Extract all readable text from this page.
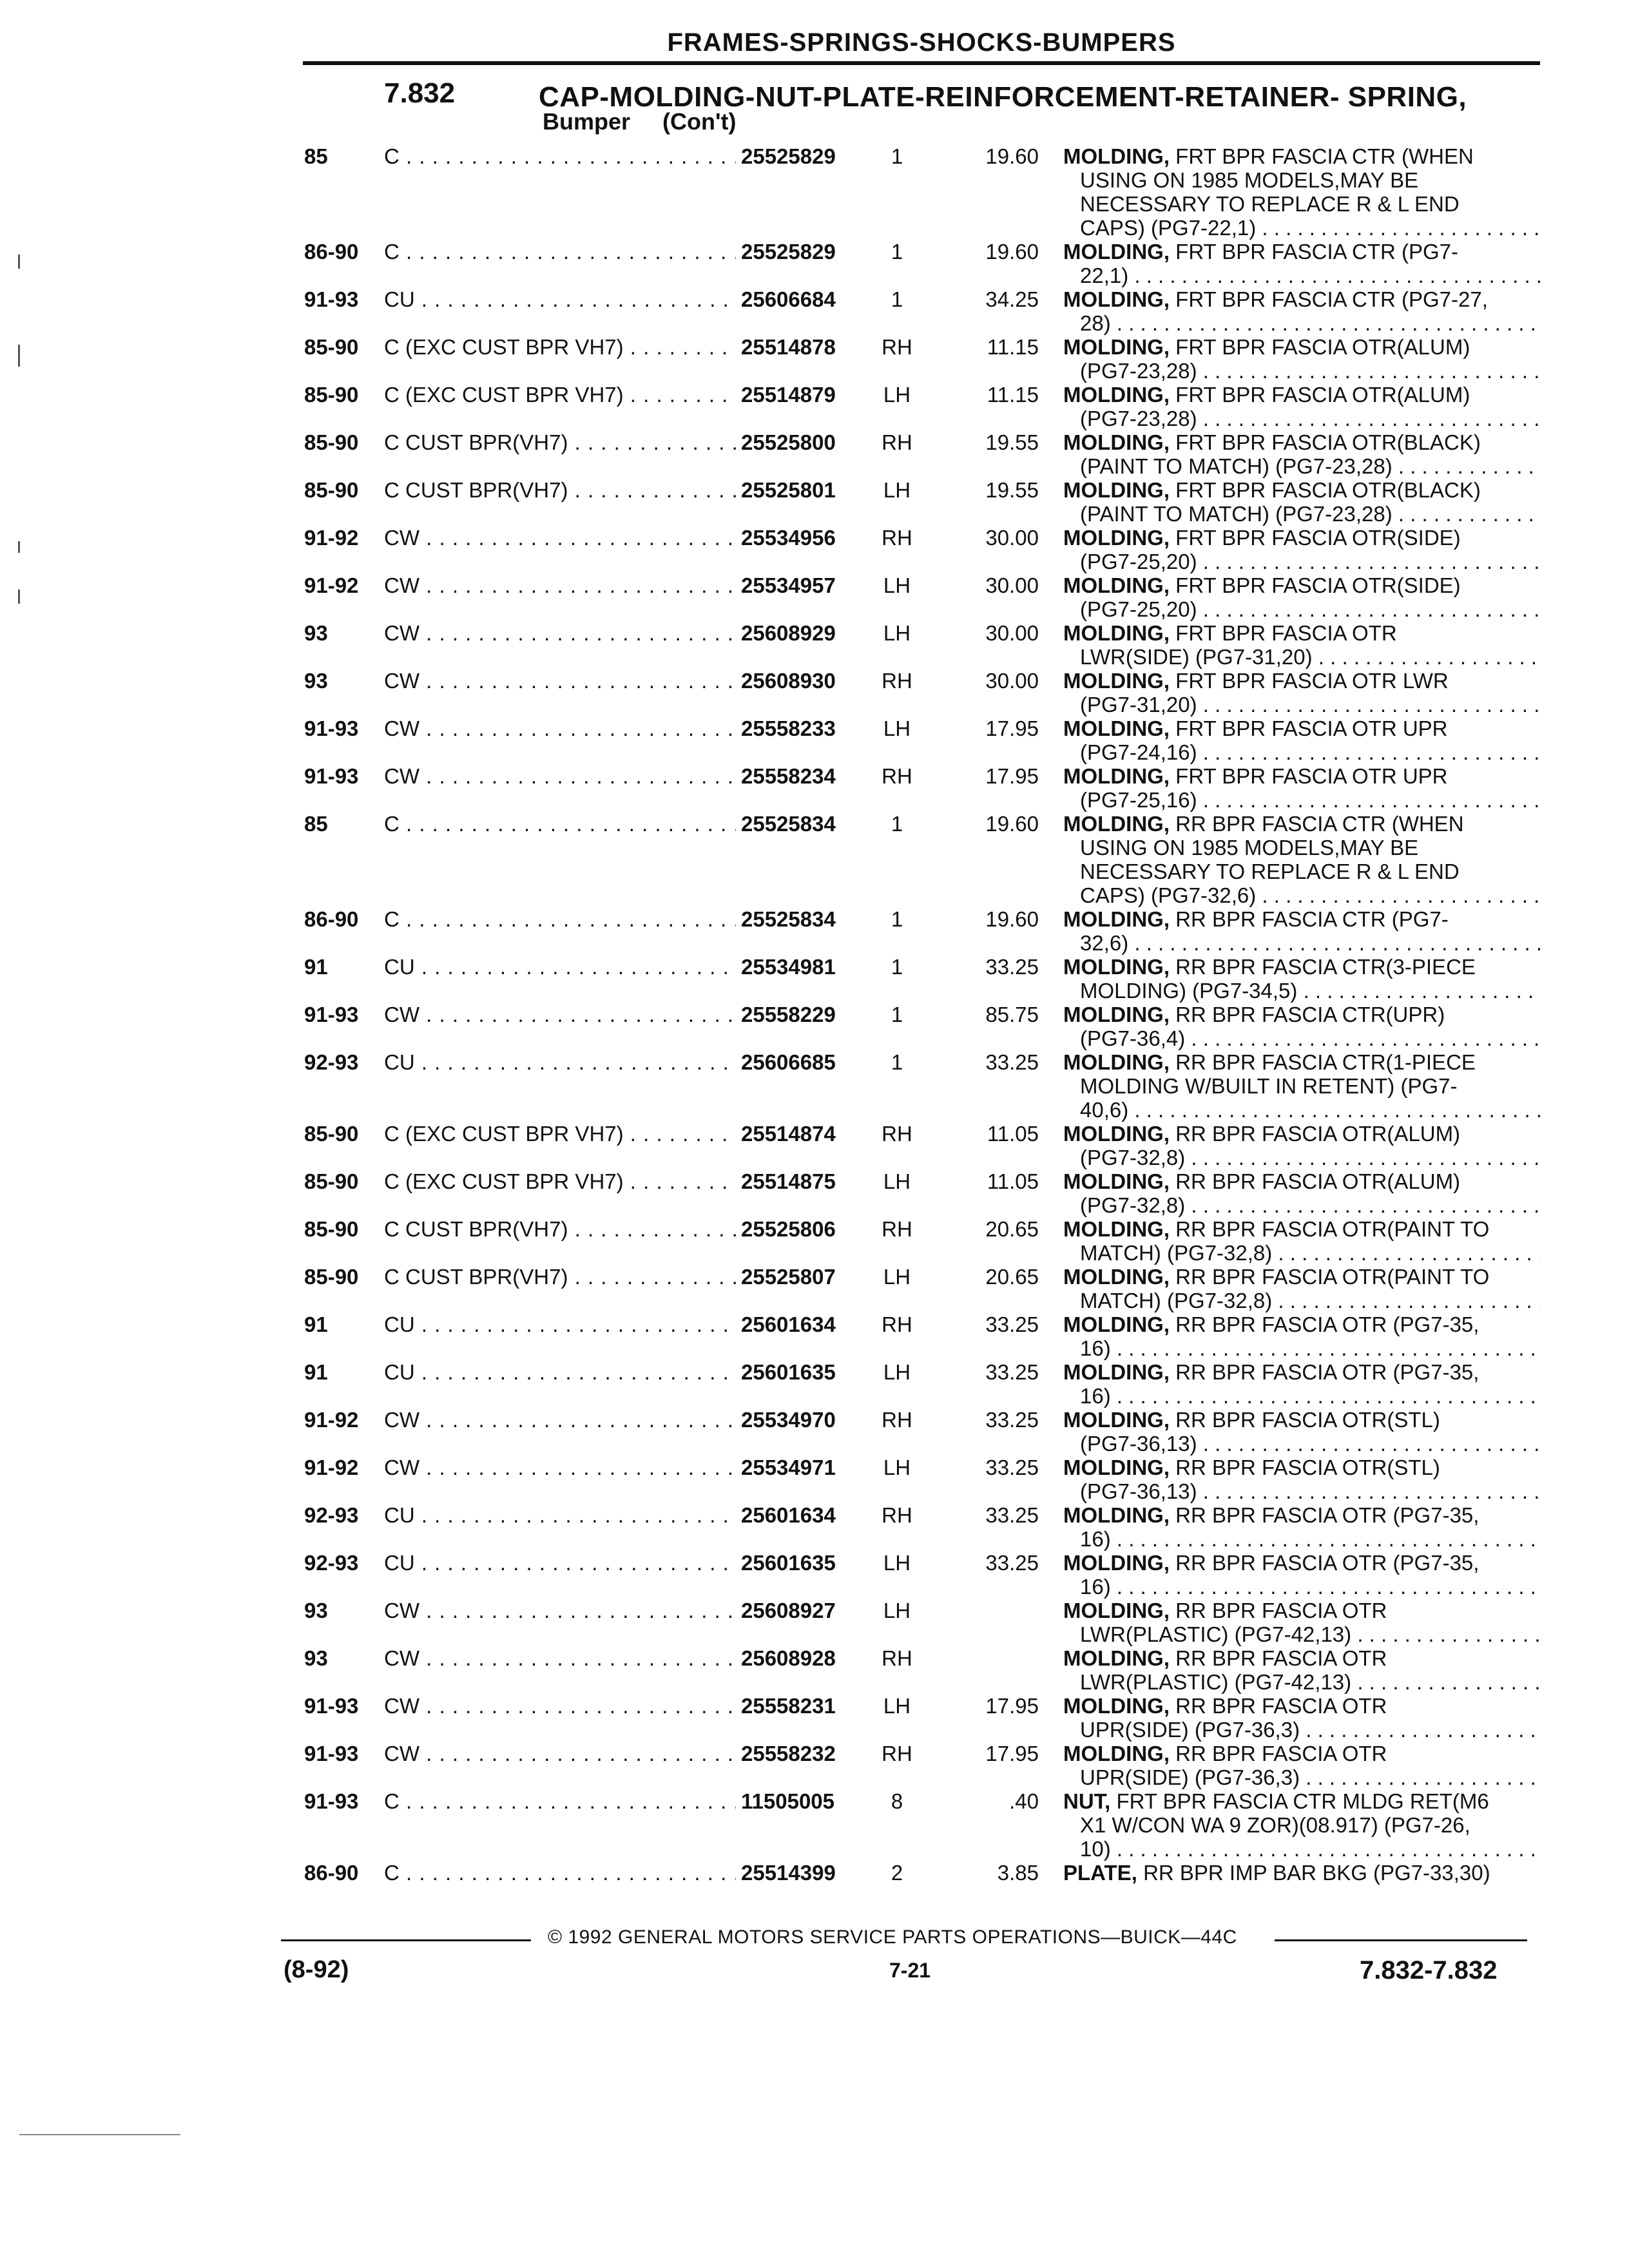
FRAMES-SPRINGS-SHOCKS-BUMPERS
7.832	CAP-MOLDING-NUT-PLATE-REINFORCEMENT-RETAINER- SPRING,
Bumper     (Con't)
85	C . . .	25525829	1	19.60 MOLDING, FRT BPR FASCIA CTR (WHEN
USING ON 1985 MODELS,MAY BE
NECESSARY TO REPLACE R & L END
CAPS) (PG7-22,1) . . .
86-90 C . . .	25525829	1	19.60 MOLDING, FRT BPR FASCIA CTR (PG7-
22,1) . . .
91-93 CU . . .	25606684	1	34.25 MOLDING, FRT BPR FASCIA CTR (PG7-27,
28) . . .
85-90 C (EXC CUST BPR VH7) . . .	25514878	RH	11.15 MOLDING, FRT BPR FASCIA OTR(ALUM)
(PG7-23,28) . . .
85-90 C (EXC CUST BPR VH7) . . .	25514879	LH	11.15 MOLDING, FRT BPR FASCIA OTR(ALUM)
(PG7-23,28) . . .
85-90 C CUST BPR(VH7) . . .	25525800	RH	19.55 MOLDING, FRT BPR FASCIA OTR(BLACK)
(PAINT TO MATCH) (PG7-23,28) . . .
85-90 C CUST BPR(VH7) . . .	25525801	LH	19.55 MOLDING, FRT BPR FASCIA OTR(BLACK)
(PAINT TO MATCH) (PG7-23,28) . . .
91-92 CW . . .	25534956	RH	30.00 MOLDING, FRT BPR FASCIA OTR(SIDE)
(PG7-25,20) . . .
91-92 CW . . .	25534957	LH	30.00 MOLDING, FRT BPR FASCIA OTR(SIDE)
(PG7-25,20) . . .
93	CW . . .	25608929	LH	30.00 MOLDING, FRT BPR FASCIA OTR
LWR(SIDE) (PG7-31,20) . . .
93	CW . . .	25608930	RH	30.00 MOLDING, FRT BPR FASCIA OTR LWR
(PG7-31,20) . . .
91-93 CW . . .	25558233	LH	17.95 MOLDING, FRT BPR FASCIA OTR UPR
(PG7-24,16) . . .
91-93 CW . . .	25558234	RH	17.95 MOLDING, FRT BPR FASCIA OTR UPR
(PG7-25,16) . . .
85	C . . .	25525834	1	19.60 MOLDING, RR BPR FASCIA CTR (WHEN
USING ON 1985 MODELS,MAY BE
NECESSARY TO REPLACE R & L END
CAPS) (PG7-32,6) . . .
86-90 C . . .	25525834	1	19.60 MOLDING, RR BPR FASCIA CTR (PG7-
32,6) . . .
91	CU . . .	25534981	1	33.25 MOLDING, RR BPR FASCIA CTR(3-PIECE
MOLDING) (PG7-34,5) . . .
91-93 CW . . .	25558229	1	85.75 MOLDING, RR BPR FASCIA CTR(UPR)
(PG7-36,4) . . .
92-93 CU . . .	25606685	1	33.25 MOLDING, RR BPR FASCIA CTR(1-PIECE
MOLDING W/BUILT IN RETENT) (PG7-
40,6) . . .
85-90 C (EXC CUST BPR VH7) . . .	25514874	RH	11.05 MOLDING, RR BPR FASCIA OTR(ALUM)
(PG7-32,8) . . .
85-90 C (EXC CUST BPR VH7) . . .	25514875	LH	11.05 MOLDING, RR BPR FASCIA OTR(ALUM)
(PG7-32,8) . . .
85-90 C CUST BPR(VH7) . . .	25525806	RH	20.65 MOLDING, RR BPR FASCIA OTR(PAINT TO
MATCH) (PG7-32,8) . . .
85-90 C CUST BPR(VH7) . . .	25525807	LH	20.65 MOLDING, RR BPR FASCIA OTR(PAINT TO
MATCH) (PG7-32,8) . . .
91	CU . . .	25601634	RH	33.25 MOLDING, RR BPR FASCIA OTR (PG7-35,
16) . . .
91	CU . . .	25601635	LH	33.25 MOLDING, RR BPR FASCIA OTR (PG7-35,
16) . . .
91-92 CW . . .	25534970	RH	33.25 MOLDING, RR BPR FASCIA OTR(STL)
(PG7-36,13) . . .
91-92 CW . . .	25534971	LH	33.25 MOLDING, RR BPR FASCIA OTR(STL)
(PG7-36,13) . . .
92-93 CU . . .	25601634	RH	33.25 MOLDING, RR BPR FASCIA OTR (PG7-35,
16) . . .
92-93 CU . . .	25601635	LH	33.25 MOLDING, RR BPR FASCIA OTR (PG7-35,
16) . . .
93	CW . . .	25608927	LH	MOLDING, RR BPR FASCIA OTR
LWR(PLASTIC) (PG7-42,13) . . .
93	CW . . .	25608928	RH	MOLDING, RR BPR FASCIA OTR
LWR(PLASTIC) (PG7-42,13) . . .
91-93 CW . . .	25558231	LH	17.95 MOLDING, RR BPR FASCIA OTR
UPR(SIDE) (PG7-36,3) . . .
91-93 CW . . .	25558232	RH	17.95 MOLDING, RR BPR FASCIA OTR
UPR(SIDE) (PG7-36,3) . . .
91-93 C . . .	11505005	8	.40 NUT, FRT BPR FASCIA CTR MLDG RET(M6
X1 W/CON WA 9 ZOR)(08.917) (PG7-26,
10) . . .
86-90 C . . .	25514399	2	3.85 PLATE, RR BPR IMP BAR BKG (PG7-33,30)
© 1992 GENERAL MOTORS SERVICE PARTS OPERATIONS—BUICK—44C
(8-92)	7-21	7.832-7.832
